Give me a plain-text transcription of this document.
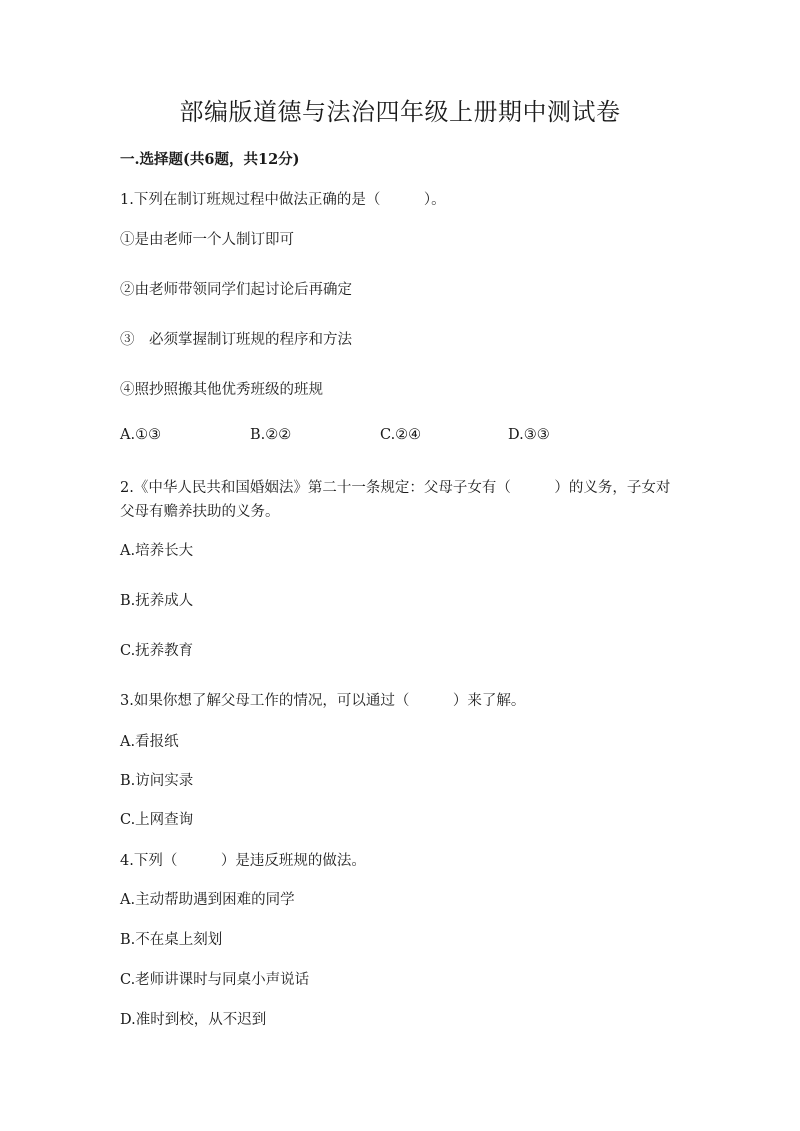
部编版道德与法治四年级上册期中测试卷
一.选择题(共6题，共12分)
1.下列在制订班规过程中做法正确的是（　　　）。
①是由老师一个人制订即可
②由老师带领同学们起讨论后再确定
③　必须掌握制订班规的程序和方法
④照抄照搬其他优秀班级的班规
A.①③	B.②②	C.②④	D.③③
2.《中华人民共和国婚姻法》第二十一条规定：父母子女有（　　　）的义务，子女对父母有赡养扶助的义务。
A.培养长大
B.抚养成人
C.抚养教育
3.如果你想了解父母工作的情况，可以通过（　　　）来了解。
A.看报纸
B.访问实录
C.上网查询
4.下列（　　　）是违反班规的做法。
A.主动帮助遇到困难的同学
B.不在桌上刻划
C.老师讲课时与同桌小声说话
D.准时到校，从不迟到
